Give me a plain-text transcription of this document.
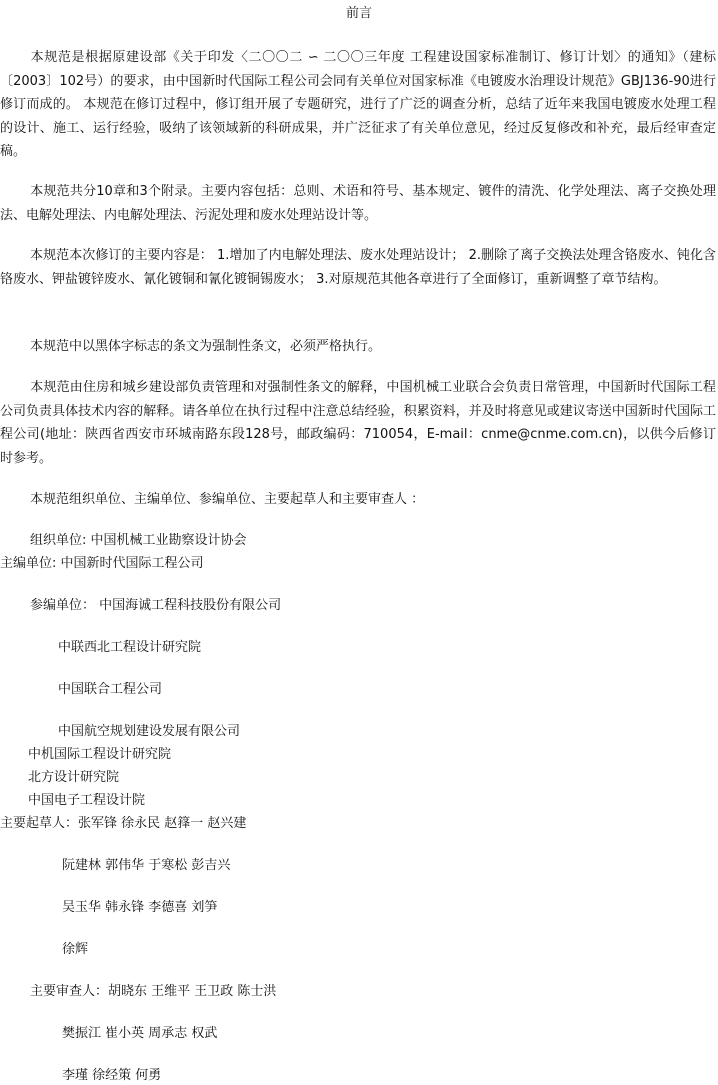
前言

本规范是根据原建设部《关于印发〈二〇〇二 ∽ 二〇〇三年度 工程建设国家标准制订、修订计划〉的通知》（建标〔2003〕102号）的要求，由中国新时代国际工程公司会同有关单位对国家标准《电镀废水治理设计规范》GBJ136-90进行修订而成的。 本规范在修订过程中，修订组开展了专题研究，进行了广泛的调查分析，总结了近年来我国电镀废水处理工程的设计、施工、运行经验，吸纳了该领域新的科研成果，并广泛征求了有关单位意见，经过反复修改和补充，最后经审查定稿。

本规范共分10章和3个附录。主要内容包括：总则、术语和符号、基本规定、镀件的清洗、化学处理法、离子交换处理法、电解处理法、内电解处理法、污泥处理和废水处理站设计等。

本规范本次修订的主要内容是： 1.增加了内电解处理法、废水处理站设计； 2.删除了离子交换法处理含铬废水、钝化含铬废水、钾盐镀锌废水、氰化镀铜和氰化镀铜锡废水； 3.对原规范其他各章进行了全面修订，重新调整了章节结构。

本规范中以黑体字标志的条文为强制性条文，必须严格执行。

本规范由住房和城乡建设部负责管理和对强制性条文的解释，中国机械工业联合会负责日常管理，中国新时代国际工程公司负责具体技术内容的解释。请各单位在执行过程中注意总结经验，积累资料，并及时将意见或建议寄送中国新时代国际工程公司(地址：陕西省西安市环城南路东段128号，邮政编码：710054，E-mail：cnme@cnme.com.cn)，以供今后修订时参考。

本规范组织单位、主编单位、参编单位、主要起草人和主要审查人 ：

组织单位: 中国机械工业勘察设计协会
主编单位: 中国新时代国际工程公司
参编单位： 中国海诚工程科技股份有限公司
中联西北工程设计研究院
中国联合工程公司
中国航空规划建设发展有限公司
中机国际工程设计研究院
北方设计研究院
中国电子工程设计院
主要起草人：张军锋 徐永民 赵箨一 赵兴建
阮建林 郭伟华 于寒松 彭吉兴
吴玉华 韩永锋 李德喜 刘笋
徐辉
主要审查人：胡晓东 王维平 王卫政 陈士洪
樊振江 崔小英 周承志 权武
李瑾 徐经策 何勇
